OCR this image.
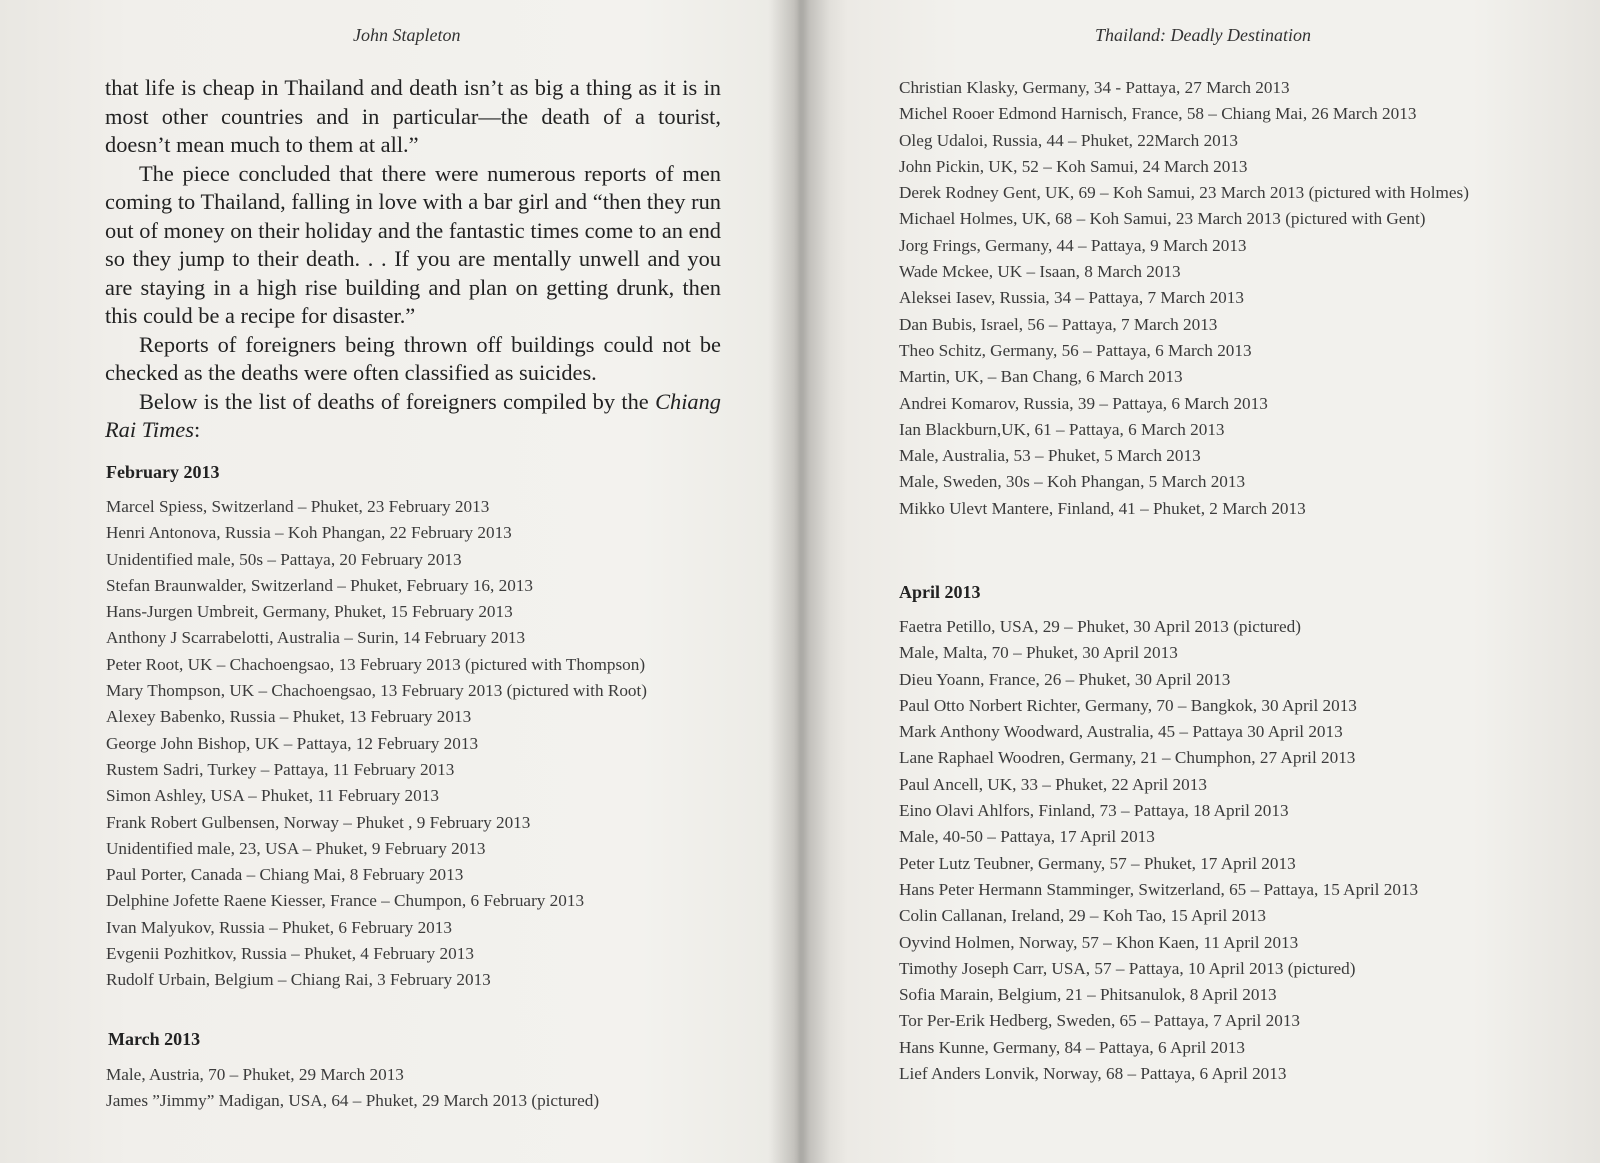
John Stapleton

that life is cheap in Thailand and death isn’t as big a thing as it is in most other countries and in particular—the death of a tourist, doesn’t mean much to them at all.”

The piece concluded that there were numerous reports of men coming to Thailand, falling in love with a bar girl and “then they run out of money on their holiday and the fantastic times come to an end so they jump to their death. . . If you are mentally unwell and you are staying in a high rise building and plan on getting drunk, then this could be a recipe for disaster.”

Reports of foreigners being thrown off buildings could not be checked as the deaths were often classified as suicides.

Below is the list of deaths of foreigners compiled by the Chiang Rai Times:

February 2013
Marcel Spiess, Switzerland – Phuket, 23 February 2013
Henri Antonova, Russia – Koh Phangan, 22 February 2013
Unidentified male, 50s – Pattaya, 20 February 2013
Stefan Braunwalder, Switzerland – Phuket, February 16, 2013
Hans-Jurgen Umbreit, Germany, Phuket, 15 February 2013
Anthony J Scarrabelotti, Australia – Surin, 14 February 2013
Peter Root, UK – Chachoengsao, 13 February 2013 (pictured with Thompson)
Mary Thompson, UK – Chachoengsao, 13 February 2013 (pictured with Root)
Alexey Babenko, Russia – Phuket, 13 February 2013
George John Bishop, UK – Pattaya, 12 February 2013
Rustem Sadri, Turkey – Pattaya, 11 February 2013
Simon Ashley, USA – Phuket, 11 February 2013
Frank Robert Gulbensen, Norway – Phuket , 9 February 2013
Unidentified male, 23, USA – Phuket, 9 February 2013
Paul Porter, Canada – Chiang Mai, 8 February 2013
Delphine Jofette Raene Kiesser, France – Chumpon, 6 February 2013
Ivan Malyukov, Russia – Phuket, 6 February 2013
Evgenii Pozhitkov, Russia – Phuket, 4 February 2013
Rudolf Urbain, Belgium – Chiang Rai, 3 February 2013
March 2013
Male, Austria, 70 – Phuket, 29 March 2013
James ”Jimmy” Madigan, USA, 64 – Phuket, 29 March 2013 (pictured)
Thailand: Deadly Destination
Christian Klasky, Germany, 34 - Pattaya, 27 March 2013
Michel Rooer Edmond Harnisch, France, 58 – Chiang Mai, 26 March 2013
Oleg Udaloi, Russia, 44 – Phuket, 22March 2013
John Pickin, UK, 52 – Koh Samui, 24 March 2013
Derek Rodney Gent, UK, 69 – Koh Samui, 23 March 2013 (pictured with Holmes)
Michael Holmes, UK, 68 – Koh Samui, 23 March 2013 (pictured with Gent)
Jorg Frings, Germany, 44 – Pattaya, 9 March 2013
Wade Mckee, UK – Isaan, 8 March 2013
Aleksei Iasev, Russia, 34 – Pattaya, 7 March 2013
Dan Bubis, Israel, 56 – Pattaya, 7 March 2013
Theo Schitz, Germany, 56 – Pattaya, 6 March 2013
Martin, UK, – Ban Chang, 6 March 2013
Andrei Komarov, Russia, 39 – Pattaya, 6 March 2013
Ian Blackburn,UK, 61 – Pattaya, 6 March 2013
Male, Australia, 53 – Phuket, 5 March 2013
Male, Sweden, 30s – Koh Phangan, 5 March 2013
Mikko Ulevt Mantere, Finland, 41 – Phuket, 2 March 2013
April 2013
Faetra Petillo, USA, 29 – Phuket, 30 April 2013 (pictured)
Male, Malta, 70 – Phuket, 30 April 2013
Dieu Yoann, France, 26 – Phuket, 30 April 2013
Paul Otto Norbert Richter, Germany, 70 – Bangkok, 30 April 2013
Mark Anthony Woodward, Australia, 45 – Pattaya 30 April 2013
Lane Raphael Woodren, Germany, 21 – Chumphon, 27 April 2013
Paul Ancell, UK, 33 – Phuket, 22 April 2013
Eino Olavi Ahlfors, Finland, 73 – Pattaya, 18 April 2013
Male, 40-50 – Pattaya, 17 April 2013
Peter Lutz Teubner, Germany, 57 – Phuket, 17 April 2013
Hans Peter Hermann Stamminger, Switzerland, 65 – Pattaya, 15 April 2013
Colin Callanan, Ireland, 29 – Koh Tao, 15 April 2013
Oyvind Holmen, Norway, 57 – Khon Kaen, 11 April 2013
Timothy Joseph Carr, USA, 57 – Pattaya, 10 April 2013 (pictured)
Sofia Marain, Belgium, 21 – Phitsanulok, 8 April 2013
Tor Per-Erik Hedberg, Sweden, 65 – Pattaya, 7 April 2013
Hans Kunne, Germany, 84 – Pattaya, 6 April 2013
Lief Anders Lonvik, Norway, 68 – Pattaya, 6 April 2013
